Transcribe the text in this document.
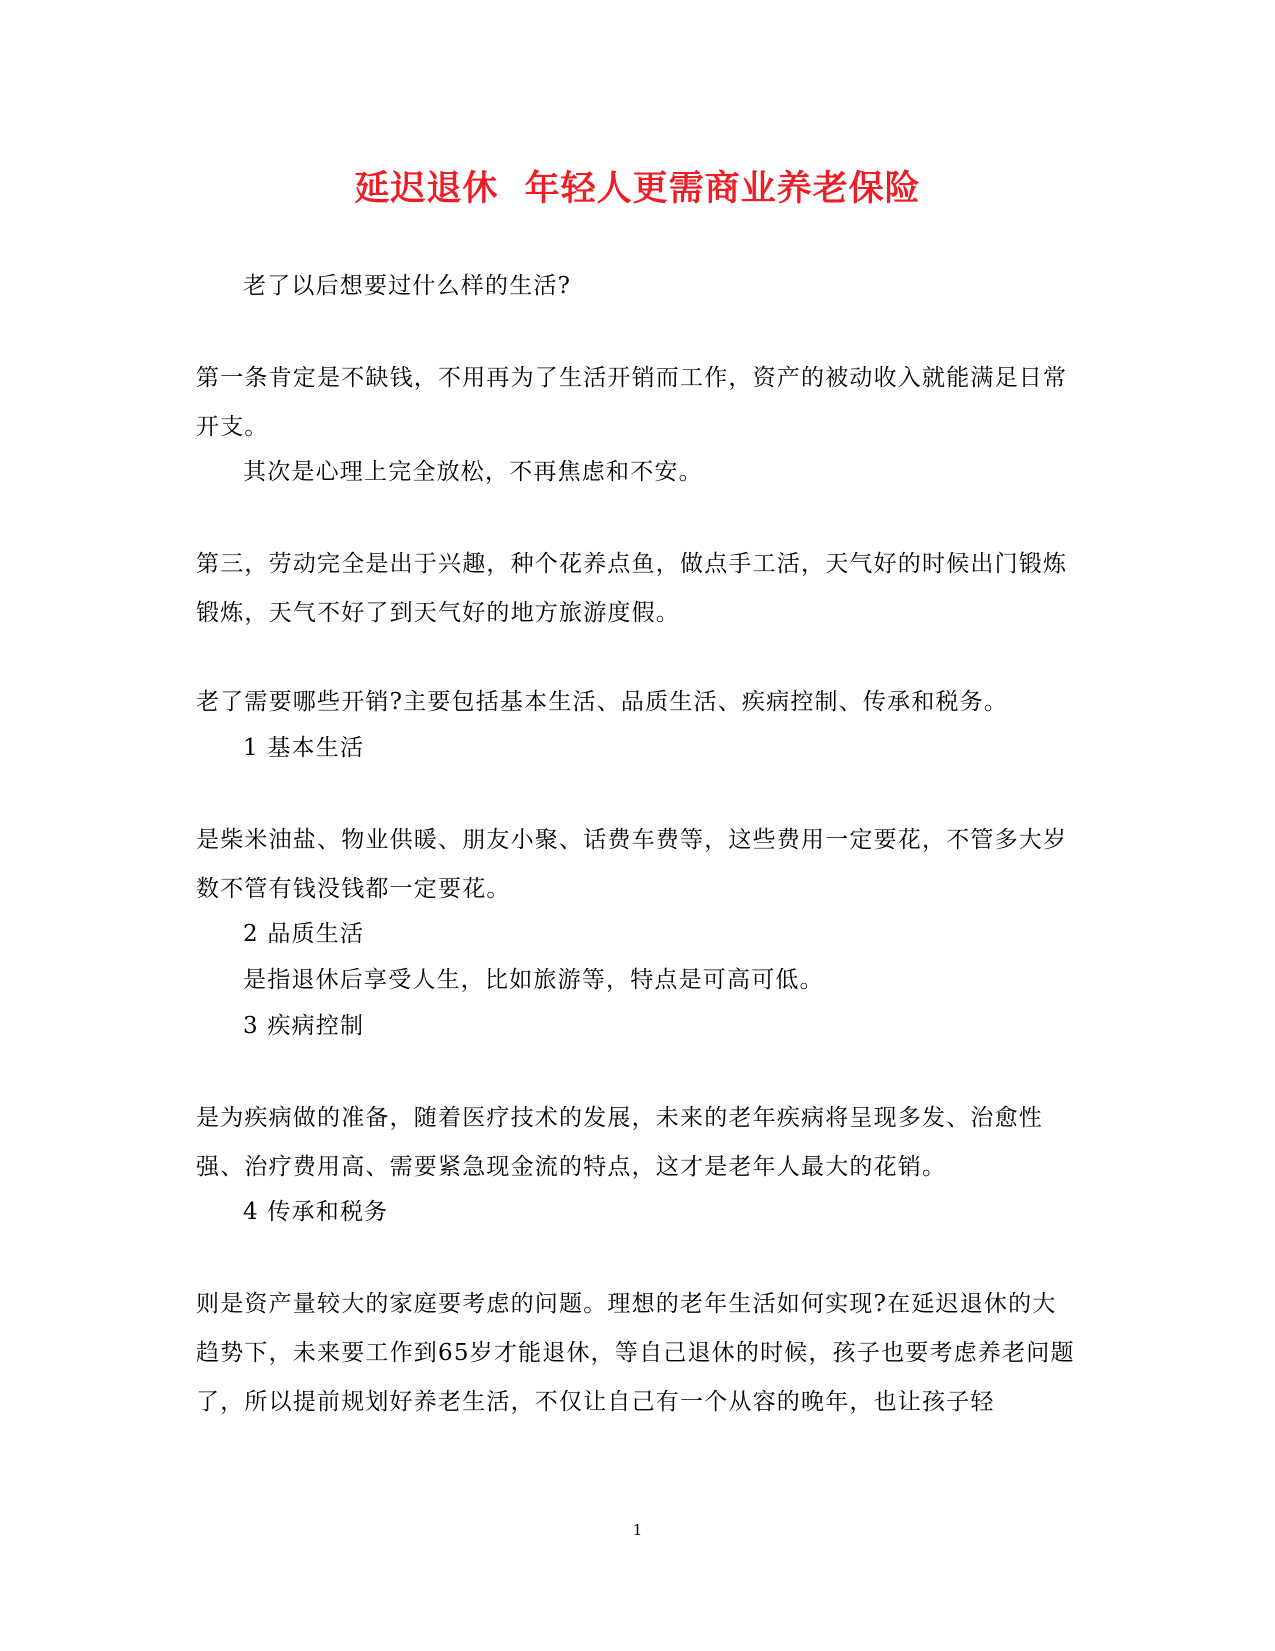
延迟退休  年轻人更需商业养老保险

老了以后想要过什么样的生活?

第一条肯定是不缺钱，不用再为了生活开销而工作，资产的被动收入就能满足日常开支。

其次是心理上完全放松，不再焦虑和不安。

第三，劳动完全是出于兴趣，种个花养点鱼，做点手工活，天气好的时候出门锻炼锻炼，天气不好了到天气好的地方旅游度假。

老了需要哪些开销?主要包括基本生活、品质生活、疾病控制、传承和税务。

1 基本生活

是柴米油盐、物业供暖、朋友小聚、话费车费等，这些费用一定要花，不管多大岁数不管有钱没钱都一定要花。

2 品质生活

是指退休后享受人生，比如旅游等，特点是可高可低。

3 疾病控制

是为疾病做的准备，随着医疗技术的发展，未来的老年疾病将呈现多发、治愈性强、治疗费用高、需要紧急现金流的特点，这才是老年人最大的花销。

4 传承和税务

则是资产量较大的家庭要考虑的问题。理想的老年生活如何实现?在延迟退休的大趋势下，未来要工作到65岁才能退休，等自己退休的时候，孩子也要考虑养老问题了，所以提前规划好养老生活，不仅让自己有一个从容的晚年，也让孩子轻

1
